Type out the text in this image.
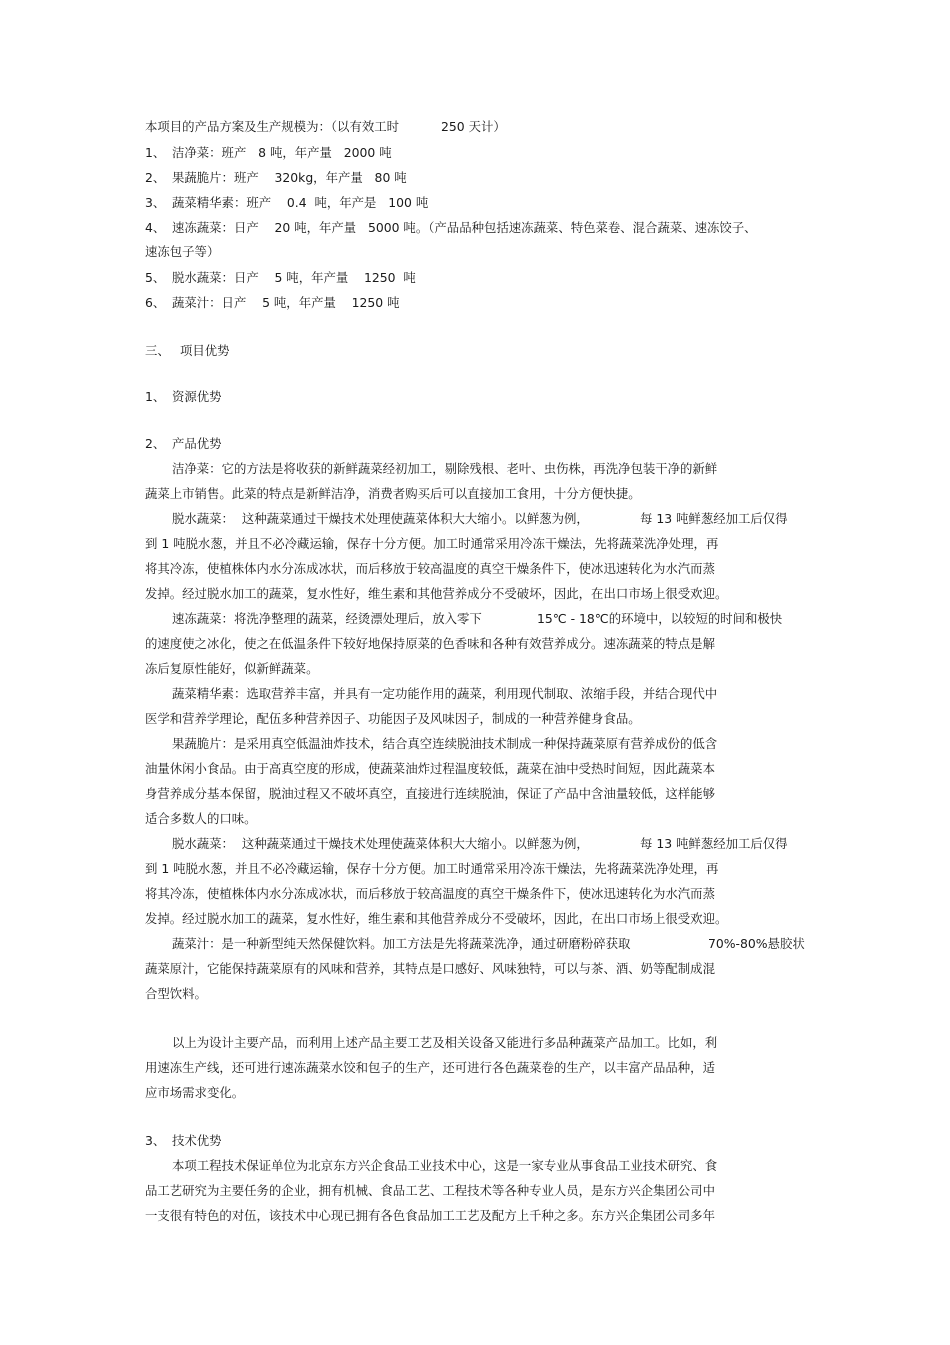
本项目的产品方案及生产规模为：（以有效工时	250 天计）
1、 洁净菜：班产   8 吨，年产量   2000 吨
2、 果蔬脆片：班产    320kg，年产量   80 吨
3、 蔬菜精华素：班产    0.4  吨，年产是   100 吨
4、 速冻蔬菜：日产    20 吨，年产量   5000 吨。（产品品种包括速冻蔬菜、特色菜卷、混合蔬菜、速冻饺子、
速冻包子等）
5、 脱水蔬菜：日产    5 吨，年产量    1250  吨
6、 蔬菜汁：日产    5 吨，年产量    1250 吨
三、 项目优势
1、 资源优势
2、 产品优势
洁净菜：它的方法是将收获的新鲜蔬菜经初加工，剔除残根、老叶、虫伤株，再洗净包装干净的新鲜
蔬菜上市销售。此菜的特点是新鲜洁净，消费者购买后可以直接加工食用，十分方便快捷。
脱水蔬菜：  这种蔬菜通过干燥技术处理使蔬菜体积大大缩小。以鲜葱为例，	每 13 吨鲜葱经加工后仅得
到 1 吨脱水葱，并且不必冷藏运输，保存十分方便。加工时通常采用冷冻干燥法，先将蔬菜洗净处理，再
将其冷冻，使植株体内水分冻成冰状，而后移放于较高温度的真空干燥条件下，使冰迅速转化为水汽而蒸
发掉。经过脱水加工的蔬菜，复水性好，维生素和其他营养成分不受破坏，因此，在出口市场上很受欢迎。
速冻蔬菜：将洗净整理的蔬菜，经烫漂处理后，放入零下	15℃ - 18℃的环境中，以较短的时间和极快
的速度使之冰化，使之在低温条件下较好地保持原菜的色香味和各种有效营养成分。速冻蔬菜的特点是解
冻后复原性能好，似新鲜蔬菜。
蔬菜精华素：选取营养丰富，并具有一定功能作用的蔬菜，利用现代制取、浓缩手段，并结合现代中
医学和营养学理论，配伍多种营养因子、功能因子及风味因子，制成的一种营养健身食品。
果蔬脆片：是采用真空低温油炸技术，结合真空连续脱油技术制成一种保持蔬菜原有营养成份的低含
油量休闲小食品。由于高真空度的形成，使蔬菜油炸过程温度较低，蔬菜在油中受热时间短，因此蔬菜本
身营养成分基本保留，脱油过程又不破坏真空，直接进行连续脱油，保证了产品中含油量较低，这样能够
适合多数人的口味。
脱水蔬菜：  这种蔬菜通过干燥技术处理使蔬菜体积大大缩小。以鲜葱为例，	每 13 吨鲜葱经加工后仅得
到 1 吨脱水葱，并且不必冷藏运输，保存十分方便。加工时通常采用冷冻干燥法，先将蔬菜洗净处理，再
将其冷冻，使植株体内水分冻成冰状，而后移放于较高温度的真空干燥条件下，使冰迅速转化为水汽而蒸
发掉。经过脱水加工的蔬菜，复水性好，维生素和其他营养成分不受破坏，因此，在出口市场上很受欢迎。
蔬菜汁：是一种新型纯天然保健饮料。加工方法是先将蔬菜洗净，通过研磨粉碎获取	70%-80%悬胶状
蔬菜原汁，它能保持蔬菜原有的风味和营养，其特点是口感好、风味独特，可以与茶、酒、奶等配制成混
合型饮料。
以上为设计主要产品，而利用上述产品主要工艺及相关设备又能进行多品种蔬菜产品加工。比如，利
用速冻生产线，还可进行速冻蔬菜水饺和包子的生产，还可进行各色蔬菜卷的生产，以丰富产品品种，适
应市场需求变化。
3、 技术优势
本项工程技术保证单位为北京东方兴企食品工业技术中心，这是一家专业从事食品工业技术研究、食
品工艺研究为主要任务的企业，拥有机械、食品工艺、工程技术等各种专业人员，是东方兴企集团公司中
一支很有特色的对伍，该技术中心现已拥有各色食品加工工艺及配方上千种之多。东方兴企集团公司多年
